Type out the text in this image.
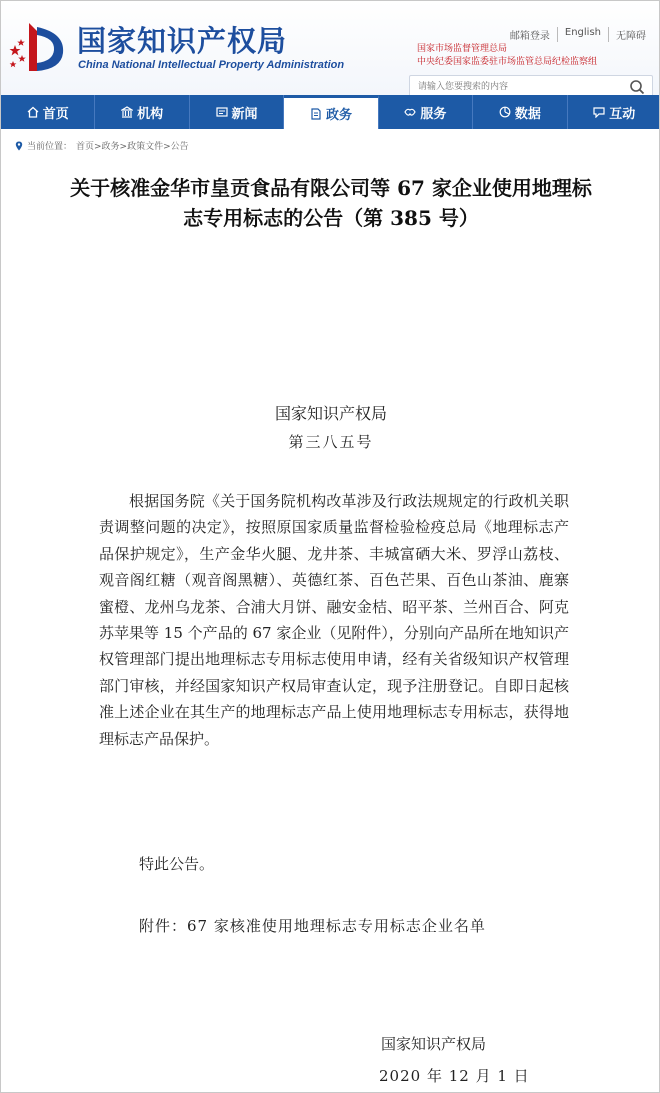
国家知识产权局
China National Intellectual Property Administration
邮箱登录	English	无障碍
国家市场监督管理总局
中央纪委国家监委驻市场监管总局纪检监察组
请输入您要搜索的内容
首页	机构	新闻	政务	服务	数据	互动
当前位置： 首页>政务>政策文件>公告
关于核准金华市皇贡食品有限公司等 67 家企业使用地理标志专用标志的公告（第 385 号）
国家知识产权局
第三八五号
根据国务院《关于国务院机构改革涉及行政法规规定的行政机关职责调整问题的决定》，按照原国家质量监督检验检疫总局《地理标志产品保护规定》，生产金华火腿、龙井茶、丰城富硒大米、罗浮山荔枝、观音阁红糖（观音阁黑糖）、英德红茶、百色芒果、百色山茶油、鹿寨蜜橙、龙州乌龙茶、合浦大月饼、融安金桔、昭平茶、兰州百合、阿克苏苹果等 15 个产品的 67 家企业（见附件），分别向产品所在地知识产权管理部门提出地理标志专用标志使用申请，经有关省级知识产权管理部门审核，并经国家知识产权局审查认定，现予注册登记。自即日起核准上述企业在其生产的地理标志产品上使用地理标志专用标志，获得地理标志产品保护。
特此公告。
附件：67 家核准使用地理标志专用标志企业名单
国家知识产权局
2020 年 12 月 1 日
